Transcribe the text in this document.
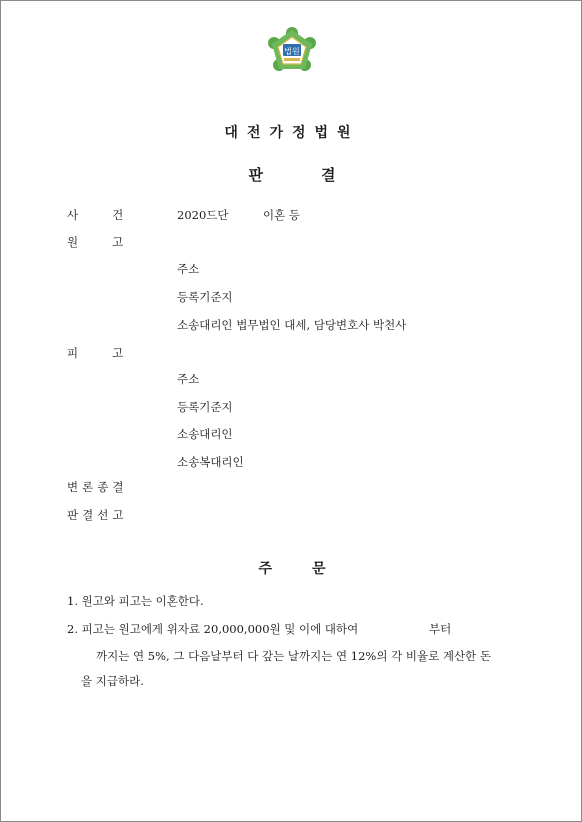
법원
대전가정법원
판결
사건 2020드단	이혼 등
원고
주소
등록기준지
소송대리인 법무법인 대세, 담당변호사 박천사
피고
주소
등록기준지
소송대리인
소송복대리인
변론종결
판결선고
주문
1. 원고와 피고는 이혼한다.
2. 피고는 원고에게 위자료 20,000,000원 및 이에 대하여	부터
까지는 연 5%, 그 다음날부터 다 갚는 날까지는 연 12%의 각 비율로 계산한 돈
을 지급하라.
